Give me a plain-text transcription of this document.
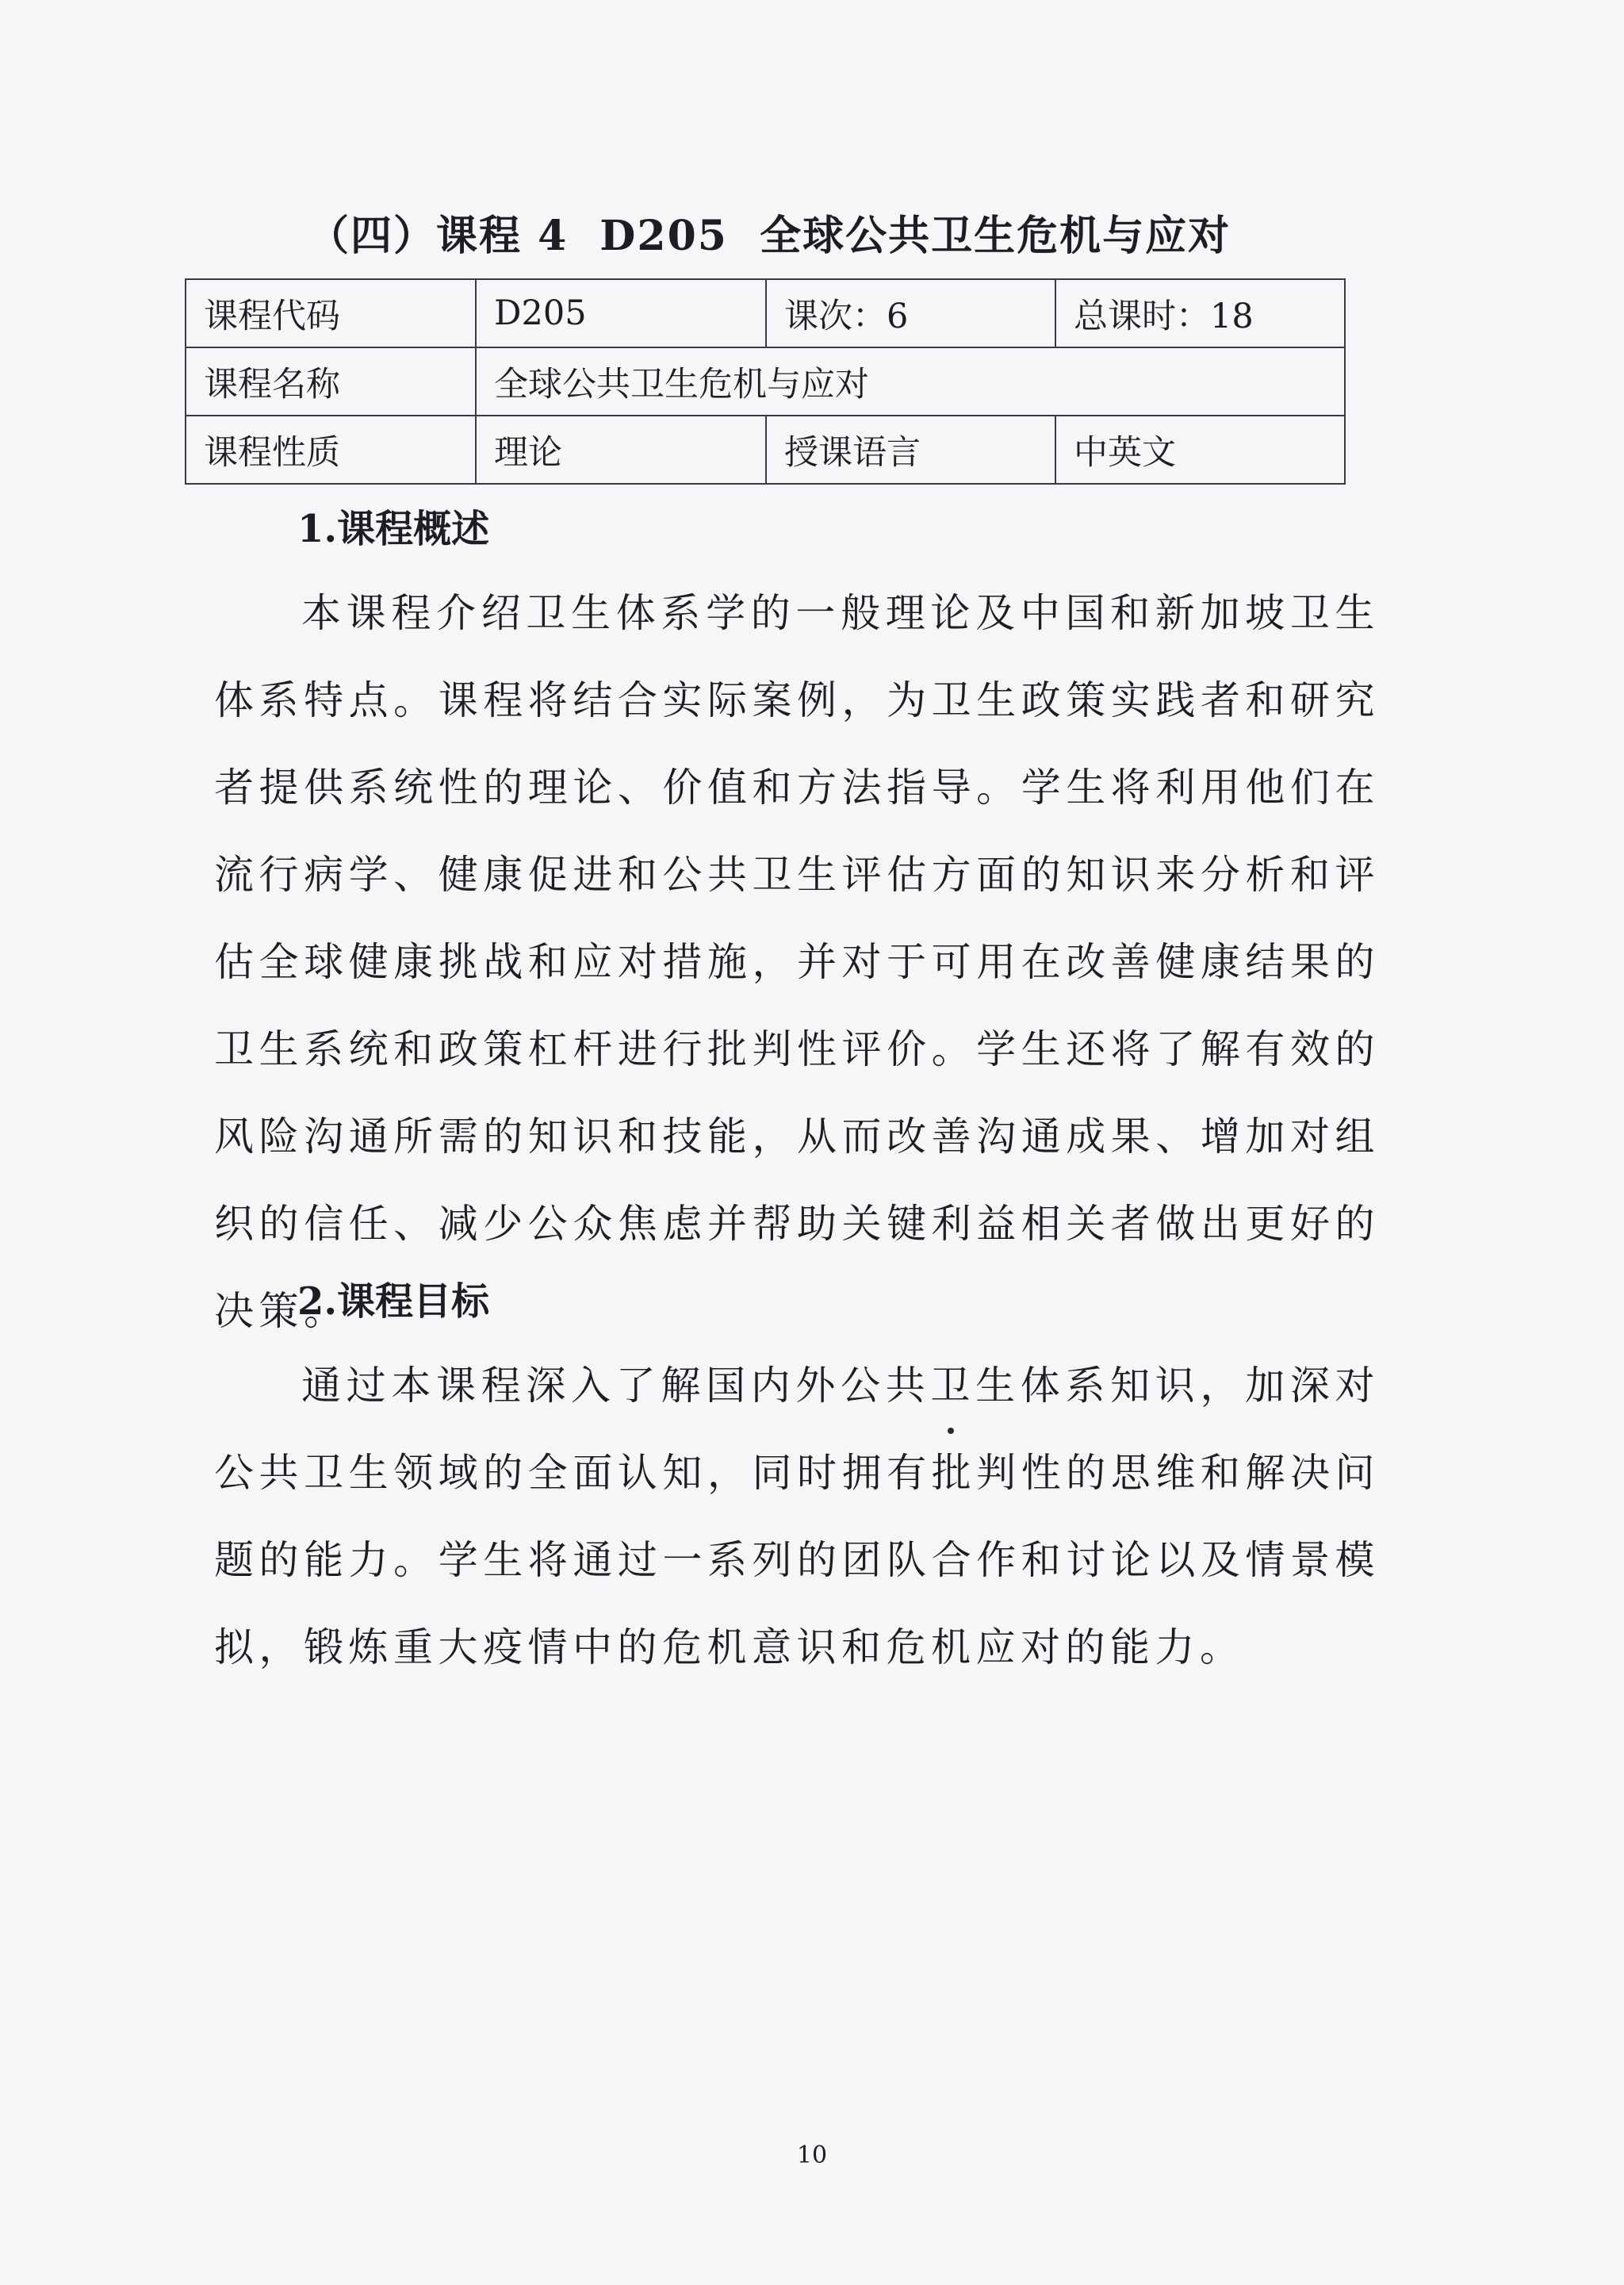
（四）课程 4 D205 全球公共卫生危机与应对
课程代码	D205	课次：6	总课时：18
课程名称	全球公共卫生危机与应对		
课程性质	理论	授课语言	中英文
1.课程概述

本课程介绍卫生体系学的一般理论及中国和新加坡卫生体系特点。课程将结合实际案例，为卫生政策实践者和研究者提供系统性的理论、价值和方法指导。学生将利用他们在流行病学、健康促进和公共卫生评估方面的知识来分析和评估全球健康挑战和应对措施，并对于可用在改善健康结果的卫生系统和政策杠杆进行批判性评价。学生还将了解有效的风险沟通所需的知识和技能，从而改善沟通成果、增加对组织的信任、减少公众焦虑并帮助关键利益相关者做出更好的决策。

2.课程目标

通过本课程深入了解国内外公共卫生体系知识，加深对公共卫生领域的全面认知，同时拥有批判性的思维和解决问题的能力。学生将通过一系列的团队合作和讨论以及情景模拟，锻炼重大疫情中的危机意识和危机应对的能力。

10
